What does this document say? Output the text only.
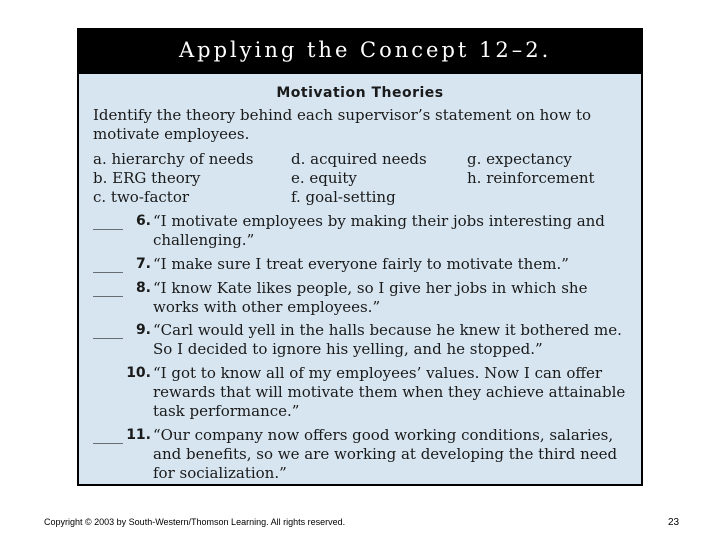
Applying the Concept 12–2.
Motivation Theories
Identify the theory behind each supervisor’s statement on how to motivate employees.
a. hierarchy of needs	d. acquired needs	g. expectancy
b. ERG theory	e. equity	h. reinforcement
c. two-factor	f. goal-setting
____ 6. “I motivate employees by making their jobs interesting and challenging.”
____ 7. “I make sure I treat everyone fairly to motivate them.”
____ 8. “I know Kate likes people, so I give her jobs in which she works with other employees.”
____ 9. “Carl would yell in the halls because he knew it bothered me. So I decided to ignore his yelling, and he stopped.”
10. “I got to know all of my employees’ values. Now I can offer rewards that will motivate them when they achieve attainable task performance.”
____ 11. “Our company now offers good working conditions, salaries, and benefits, so we are working at developing the third need for socialization.”
Copyright © 2003 by South-Western/Thomson Learning. All rights reserved.	23
